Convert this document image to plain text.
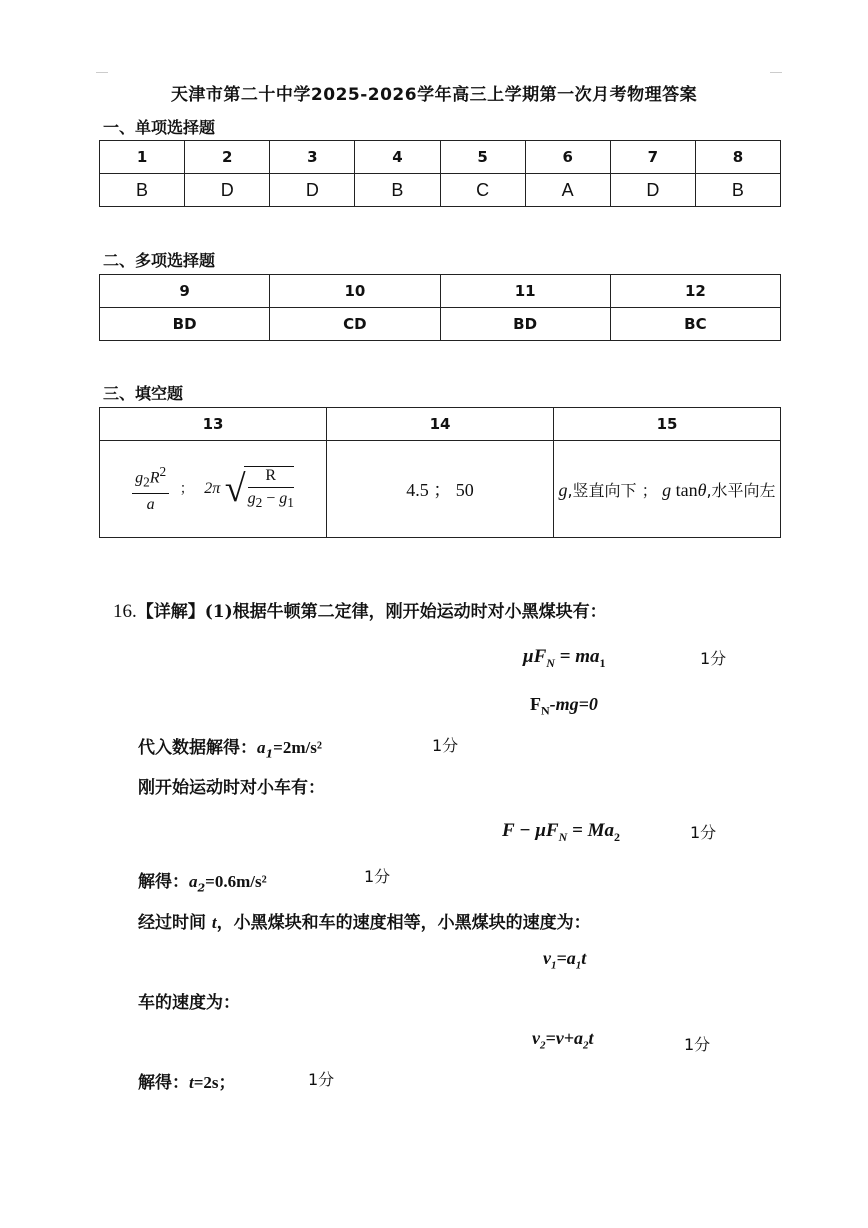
天津市第二十中学2025-2026学年高三上学期第一次月考物理答案
一、单项选择题
1	2	3	4	5	6	7	8
B	D	D	B	C	A	D	B
二、多项选择题
9	10	11	12
BD	CD	BD	BC
三、填空题
13	14	15

$\frac{g_2R^2}{a}$ ； 2π √ $\frac{R}{g_2 - g_1}$	4.5 ； 50	g,竖直向下 ； g tanθ,水平向左
16.【详解】(1)根据牛顿第二定律，刚开始运动时对小黑煤块有：
$\mu F_N = ma_1$	1分
$F_N-mg=0$
代入数据解得：$a_1=2m/s^2$	1分
刚开始运动时对小车有：
$F - \mu F_N = Ma_2$	1分
解得：$a_2=0.6m/s^2$	1分
经过时间 t，小黑煤块和车的速度相等，小黑煤块的速度为：
$v_1=a_1t$
车的速度为：
$v_2=v+a_2t$	1分
解得：t=2s；	1分
